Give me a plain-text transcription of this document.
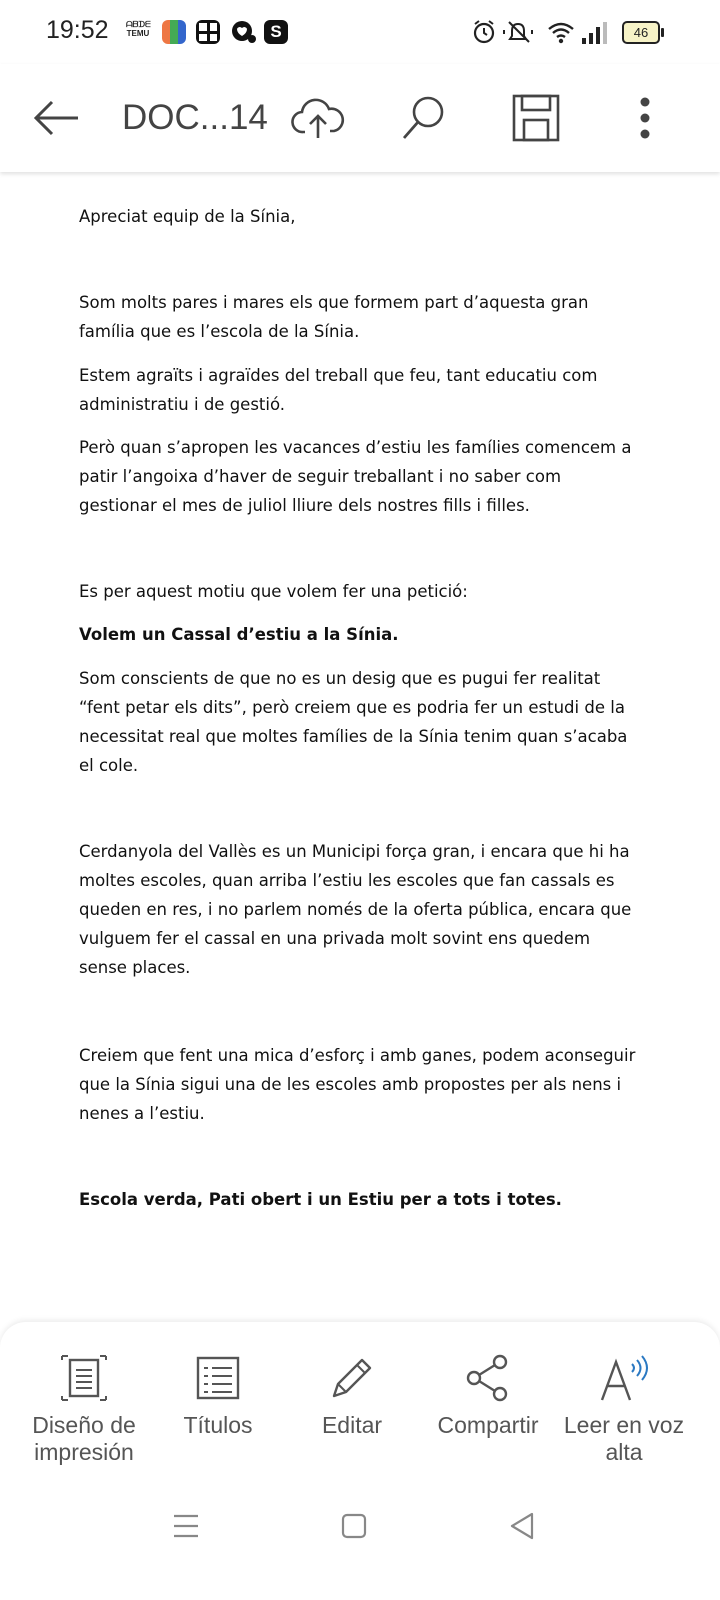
19:52 ᗩᗷᗪᗴ
TEMU	S	46
DOC...14

Apreciat equip de la Sínia,

Som molts pares i mares els que formem part d’aquesta gran família que es l’escola de la Sínia.

Estem agraïts i agraïdes del treball que feu, tant educatiu com administratiu i de gestió.

Però quan s’apropen les vacances d’estiu les famílies comencem a patir l’angoixa d’haver de seguir treballant i no saber com gestionar el mes de juliol lliure dels nostres fills i filles.

Es per aquest motiu que volem fer una petició:

Volem un Cassal d’estiu a la Sínia.

Som conscients de que no es un desig que es pugui fer realitat “fent petar els dits”, però creiem que es podria fer un estudi de la necessitat real que moltes famílies de la Sínia tenim quan s’acaba el cole.

Cerdanyola del Vallès es un Municipi força gran, i encara que hi ha moltes escoles, quan arriba l’estiu les escoles que fan cassals es queden en res, i no parlem només de la oferta pública, encara que vulguem fer el cassal en una privada molt sovint ens quedem sense places.

Creiem que fent una mica d’esforç i amb ganes, podem aconseguir que la Sínia sigui una de les escoles amb propostes per als nens i nenes a l’estiu.

Escola verda, Pati obert i un Estiu per a tots i totes.

Diseño de impresión
Títulos	Editar	Compartir	Leer en voz alta
